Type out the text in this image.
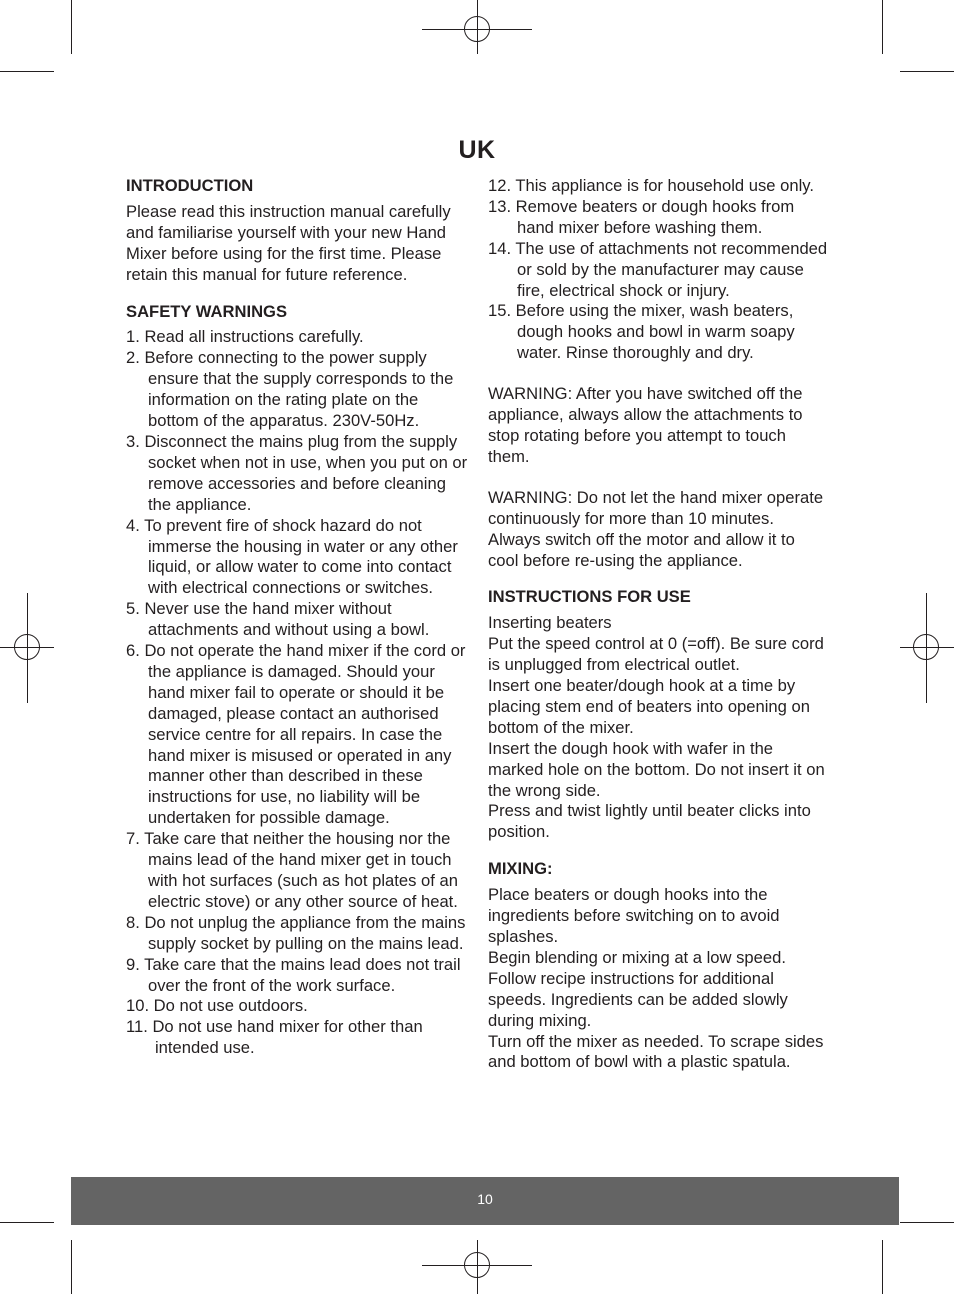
UK
INTRODUCTION

Please read this instruction manual carefully and familiarise yourself with your new Hand Mixer before using for the first time. Please retain this manual for future reference.

SAFETY WARNINGS
1. Read all instructions carefully.
2. Before connecting to the power supply ensure that the supply corresponds to the information on the rating plate on the bottom of the apparatus. 230V-50Hz.
3. Disconnect the mains plug from the supply socket when not in use, when you put on or remove accessories and before cleaning the appliance.
4. To prevent fire of shock hazard do not immerse the housing in water or any other liquid, or allow water to come into contact with electrical connections or switches.
5. Never use the hand mixer without attachments and without using a bowl.
6. Do not operate the hand mixer if the cord or the appliance is damaged. Should your hand mixer fail to operate or should it be damaged, please contact an authorised service centre for all repairs. In case the hand mixer is misused or operated in any manner other than described in these instructions for use, no liability will be undertaken for possible damage.
7. Take care that neither the housing nor the mains lead of the hand mixer get in touch with hot surfaces (such as hot plates of an electric stove) or any other source of heat.
8. Do not unplug the appliance from the mains supply socket by pulling on the mains lead.
9. Take care that the mains lead does not trail over the front of the work surface.
10. Do not use outdoors.
11. Do not use hand mixer for other than intended use.
12. This appliance is for household use only.
13. Remove beaters or dough hooks from hand mixer before washing them.
14. The use of attachments not recommended or sold by the manufacturer may cause fire, electrical shock or injury.
15. Before using the mixer, wash beaters, dough hooks and bowl in warm soapy water. Rinse thoroughly and dry.

WARNING: After you have switched off the appliance, always allow the attachments to stop rotating before you attempt to touch them.

WARNING: Do not let the hand mixer operate continuously for more than 10 minutes. Always switch off the motor and allow it to cool before re-using the appliance.

INSTRUCTIONS FOR USE
Inserting beaters
Put the speed control at 0 (=off). Be sure cord is unplugged from electrical outlet.
Insert one beater/dough hook at a time by placing stem end of beaters into opening on bottom of the mixer.
Insert the dough hook with wafer in the marked hole on the bottom. Do not insert it on the wrong side.
Press and twist lightly until beater clicks into position.
MIXING:
Place beaters or dough hooks into the ingredients before switching on to avoid splashes.
Begin blending or mixing at a low speed. Follow recipe instructions for additional speeds. Ingredients can be added slowly during mixing.
Turn off the mixer as needed. To scrape sides and bottom of bowl with a plastic spatula.
10
